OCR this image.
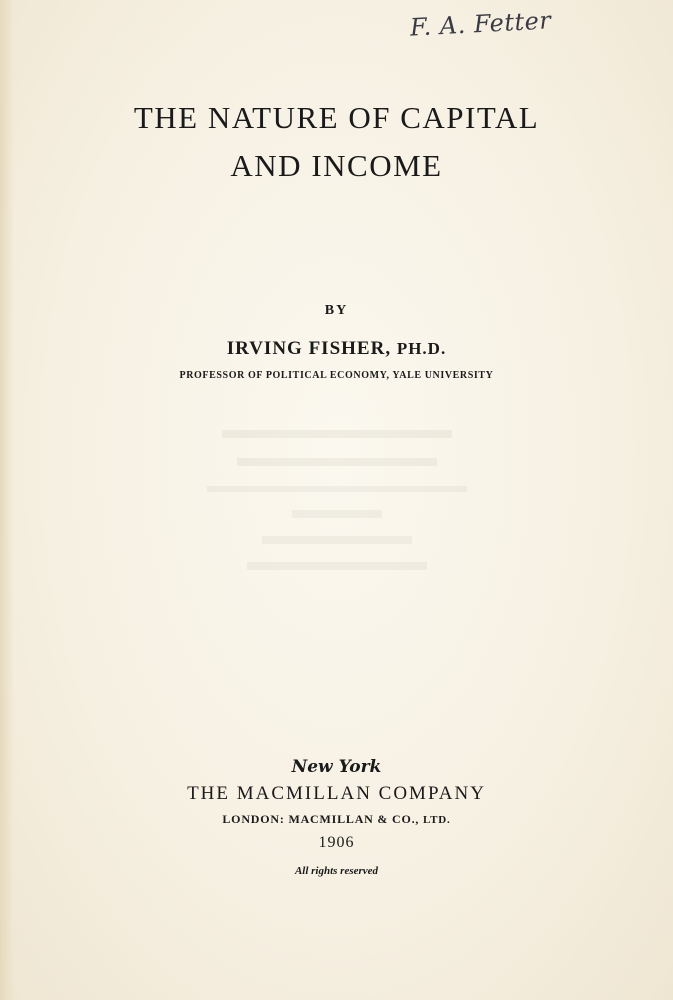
F. A. Fetter
THE NATURE OF CAPITAL
AND INCOME
BY
IRVING FISHER, PH.D.
PROFESSOR OF POLITICAL ECONOMY, YALE UNIVERSITY
New York
THE MACMILLAN COMPANY
LONDON: MACMILLAN & CO., LTD.
1906
All rights reserved
